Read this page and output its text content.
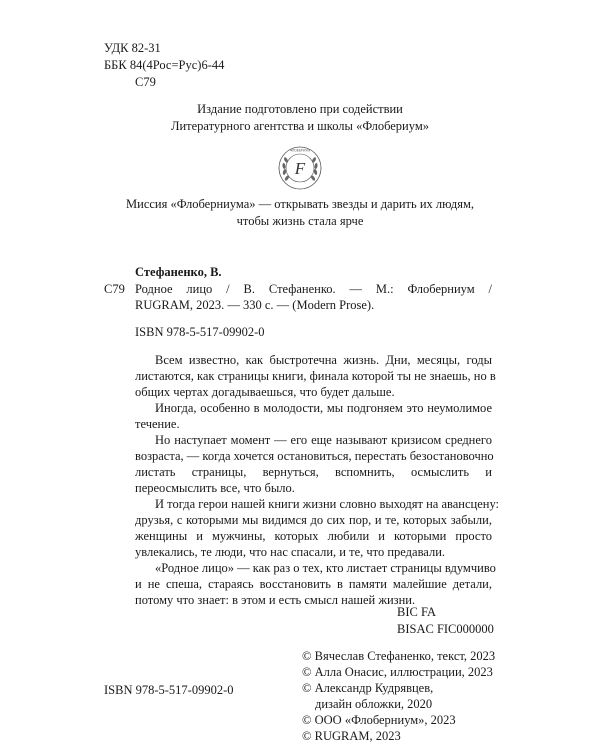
УДК 82-31
ББК 84(4Рос=Рус)6-44
С79
Издание подготовлено при содействии
Литературного агентства и школы «Флобериум»
F
ФЛОБЕРИУМ
Миссия «Флоберниума» — открывать звезды и дарить их людям,
чтобы жизнь стала ярче
Стефаненко, В.
С79 Родное лицо / В. Стефаненко. — М.: Флоберниум /
RUGRAM, 2023. — 330 с. — (Modern Prose).
ISBN 978-5-517-09902-0
Всем известно, как быстротечна жизнь. Дни, месяцы, годы
листаются, как страницы книги, финала которой ты не знаешь, но в
общих чертах догадываешься, что будет дальше.
Иногда, особенно в молодости, мы подгоняем это неумолимое
течение.
Но наступает момент — его еще называют кризисом среднего
возраста, — когда хочется остановиться, перестать безостановочно
листать страницы, вернуться, вспомнить, осмыслить и
переосмыслить все, что было.
И тогда герои нашей книги жизни словно выходят на авансцену:
друзья, с которыми мы видимся до сих пор, и те, которых забыли,
женщины и мужчины, которых любили и которыми просто
увлекались, те люди, что нас спасали, и те, что предавали.
«Родное лицо» — как раз о тех, кто листает страницы вдумчиво
и не спеша, стараясь восстановить в памяти малейшие детали,
потому что знает: в этом и есть смысл нашей жизни.
BIC FA
BISAC FIC000000
© Вячеслав Стефаненко, текст, 2023
© Алла Онасис, иллюстрации, 2023
© Александр Кудрявцев,
дизайн обложки, 2020
© ООО «Флоберниум», 2023
© RUGRAM, 2023
ISBN 978-5-517-09902-0
